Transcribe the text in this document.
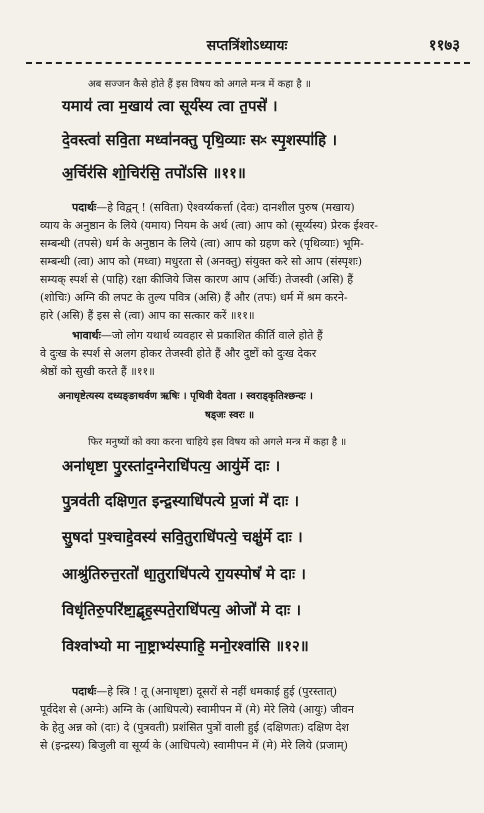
सप्तत्रिंशोऽध्यायः	११७३
अब सज्जन कैसे होते हैं इस विषय को अगले मन्त्र में कहा है ॥
यमाय॑ त्वा म॒खाय॑ त्वा सूर्य॑स्य त्वा त॒पसे॑ ।
दे॒वस्त्वा॑ सवि॒ता मध्वा॑नक्तु पृथि॒व्याः सᳲ स्पृ॒शस्पा॑हि ।
अ॒र्चिर॑सि शो॒चिर॑सि॒ तपो॑ऽसि ॥११॥
पदार्थः—हे विद्वन् ! (सविता) ऐश्वर्य्यकर्त्ता (देवः) दानशील पुरुष (मखाय)
व्याय के अनुष्ठान के लिये (यमाय) नियम के अर्थ (त्वा) आप को (सूर्य्यस्य) प्रेरक ईश्वर-
सम्बन्धी (तपसे) धर्म के अनुष्ठान के लिये (त्वा) आप को ग्रहण करे (पृथिव्याः) भूमि-
सम्बन्धी (त्वा) आप को (मध्वा) मधुरता से (अनक्तु) संयुक्त करे सो आप (संस्पृशः)
सम्यक् स्पर्श से (पाहि) रक्षा कीजिये जिस कारण आप (अर्चिः) तेजस्वी (असि) हैं
(शोचिः) अग्नि की लपट के तुल्य पवित्र (असि) हैं और (तपः) धर्म में श्रम करने-
हारे (असि) हैं इस से (त्वा) आप का सत्कार करें ॥११॥
भावार्थः—जो लोग यथार्थ व्यवहार से प्रकाशित कीर्ति वाले होते हैं
वे दुःख के स्पर्श से अलग होकर तेजस्वी होते हैं और दुष्टों को दुःख देकर
श्रेष्ठों को सुखी करते हैं ॥११॥
अनाधृष्टेत्यस्य दध्यङ्ङाथर्वण ऋषिः । पृथिवी देवता । स्वराड्कृतिश्छन्दः ।
षड्जः स्वरः ॥
फिर मनुष्यों को क्या करना चाहिये इस विषय को अगले मन्त्र में कहा है ॥
अना॑धृष्टा पु॒रस्ता॑द॒ग्नेराधि॑पत्य॒ आयु॑र्मे दाः ।
पु॒त्रव॑ती दक्षिण॒त इन्द्र॒स्याधि॑पत्ये प्र॒जां मे॑ दाः ।
सु॒षदा॑ प॒श्चाद्दे॒वस्य॑ सवि॒तुराधि॑पत्ये॒ चक्षु॑र्मे दाः ।
आश्रु॑तिरुत्त॒रतो॑ धा॒तुराधि॑पत्ये रा॒यस्पोषं॑ मे दाः ।
विधृ॑तिरु॒परि॑ष्टा॒द्बृह॒स्पते॒राधि॑पत्य॒ ओजो॑ मे दाः ।
विश्वा॑भ्यो मा ना॒ष्ट्राभ्य॑स्पाहि॒ मनो॒रश्वा॑सि ॥१२॥
पदार्थः—हे स्त्रि ! तू (अनाधृष्टा) दूसरों से नहीं धमकाई हुई (पुरस्तात्)
पूर्वदेश से (अग्नेः) अग्नि के (आधिपत्ये) स्वामीपन में (मे) मेरे लिये (आयुः) जीवन
के हेतु अन्न को (दाः) दे (पुत्रवती) प्रशंसित पुत्रों वाली हुई (दक्षिणतः) दक्षिण देश
से (इन्द्रस्य) बिजुली वा सूर्य्य के (आधिपत्ये) स्वामीपन में (मे) मेरे लिये (प्रजाम्)
